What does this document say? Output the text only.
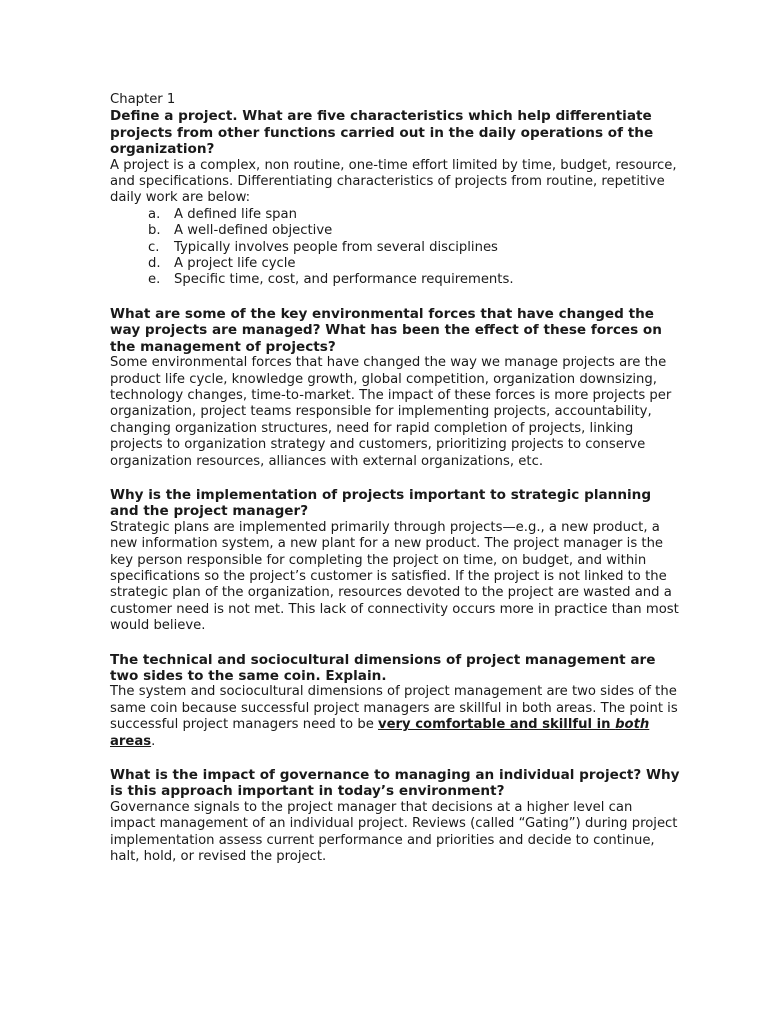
Chapter 1

Define a project. What are five characteristics which help differentiate projects from other functions carried out in the daily operations of the organization?

A project is a complex, non routine, one-time effort limited by time, budget, resource, and specifications. Differentiating characteristics of projects from routine, repetitive daily work are below:

a.	A defined life span
b.	A well-defined objective
c.	Typically involves people from several disciplines
d.	A project life cycle
e.	Specific time, cost, and performance requirements.

What are some of the key environmental forces that have changed the way projects are managed? What has been the effect of these forces on the management of projects?

Some environmental forces that have changed the way we manage projects are the product life cycle, knowledge growth, global competition, organization downsizing, technology changes, time-to-market. The impact of these forces is more projects per organization, project teams responsible for implementing projects, accountability, changing organization structures, need for rapid completion of projects, linking projects to organization strategy and customers, prioritizing projects to conserve organization resources, alliances with external organizations, etc.

Why is the implementation of projects important to strategic planning and the project manager?

Strategic plans are implemented primarily through projects—e.g., a new product, a new information system, a new plant for a new product. The project manager is the key person responsible for completing the project on time, on budget, and within specifications so the project’s customer is satisfied. If the project is not linked to the strategic plan of the organization, resources devoted to the project are wasted and a customer need is not met. This lack of connectivity occurs more in practice than most would believe.

The technical and sociocultural dimensions of project management are two sides to the same coin. Explain.

The system and sociocultural dimensions of project management are two sides of the same coin because successful project managers are skillful in both areas. The point is successful project managers need to be very comfortable and skillful in both areas.

What is the impact of governance to managing an individual project? Why is this approach important in today’s environment?

Governance signals to the project manager that decisions at a higher level can impact management of an individual project. Reviews (called “Gating”) during project implementation assess current performance and priorities and decide to continue, halt, hold, or revised the project.
